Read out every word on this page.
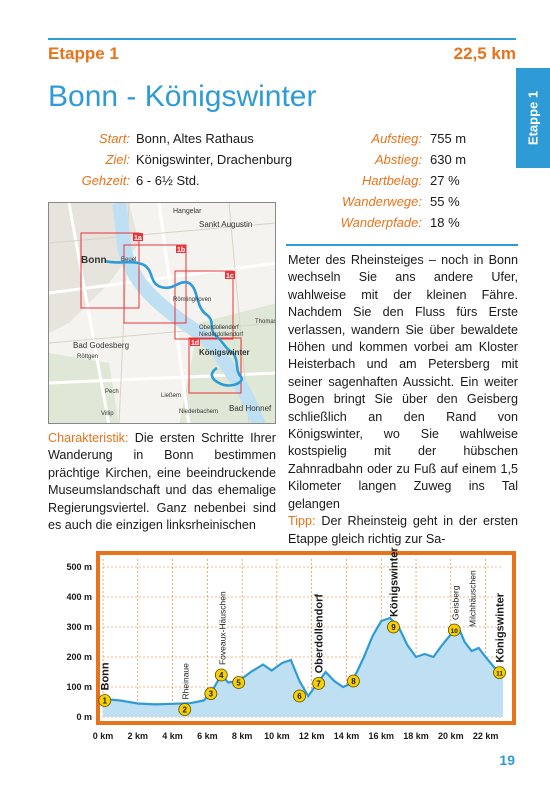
Etappe 1	22,5 km
Etappe 1
Bonn - Königswinter
Start: Bonn, Altes Rathaus
Ziel: Königswinter, Drachenburg
Gehzeit: 6 - 6½ Std.
Aufstieg: 755 m
Abstieg: 630 m
Hartbelag: 27 %
Wanderwege: 55 %
Wanderpfade: 18 %
1a
1b
1c
1d
Hangelar
Sankt Augustin
Bonn Beuel
Bad Godesberg
Röttgen	Königswinter
Oberdollendorf
Niederdollendorf
Römlinghoven
Thomas
Pech
Ließem
Villip	Niederbachem Bad Honnef
Meter des Rheinsteiges – noch in Bonn wechseln Sie ans andere Ufer, wahlweise mit der kleinen Fähre. Nachdem Sie den Fluss fürs Erste verlassen, wandern Sie über bewaldete Höhen und kommen vorbei am Kloster Heisterbach und am Petersberg mit seiner sagenhaften Aussicht. Ein weiter Bogen bringt Sie über den Geisberg schließlich an den Rand von Königswinter, wo Sie wahlweise kostspielig mit der hübschen Zahnradbahn oder zu Fuß auf einem 1,5 Kilometer langen Zuweg ins Tal gelangen
Tipp: Der Rheinsteig geht in der ersten Etappe gleich richtig zur Sa-
Charakteristik: Die ersten Schritte Ihrer Wanderung in Bonn bestimmen prächtige Kirchen, eine beeindruckende Museumslandschaft und das ehemalige Regierungsviertel. Ganz nebenbei sind es auch die einzigen linksrheinischen
0 m
100 m
200 m
300 m
400 m
500 m
0 km 2 km 4 km 6 km 8 km 10 km 12 km 14 km 16 km 18 km 20 km 22 km
Bonn	Rheinaue
Foveaux-Häuschen	Oberdollendorf
Königswinter	Geisberg Milchhäuschen Königswinter
1
2
3
4
5
6
7	8
9	10
11
19
